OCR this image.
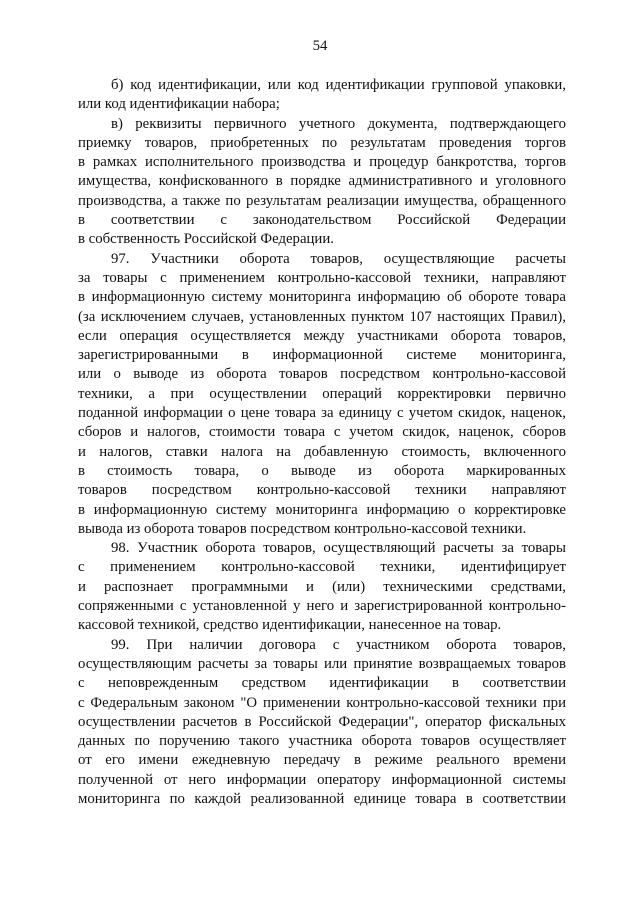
54
б) код идентификации, или код идентификации групповой упаковки,
или код идентификации набора;
в) реквизиты первичного учетного документа, подтверждающего
приемку товаров, приобретенных по результатам проведения торгов
в рамках исполнительного производства и процедур банкротства, торгов
имущества, конфискованного в порядке административного и уголовного
производства, а также по результатам реализации имущества, обращенного
в соответствии с законодательством Российской Федерации
в собственность Российской Федерации.
97. Участники оборота товаров, осуществляющие расчеты
за товары с применением контрольно-кассовой техники, направляют
в информационную систему мониторинга информацию об обороте товара
(за исключением случаев, установленных пунктом 107 настоящих Правил),
если операция осуществляется между участниками оборота товаров,
зарегистрированными в информационной системе мониторинга,
или о выводе из оборота товаров посредством контрольно-кассовой
техники, а при осуществлении операций корректировки первично
поданной информации о цене товара за единицу с учетом скидок, наценок,
сборов и налогов, стоимости товара с учетом скидок, наценок, сборов
и налогов, ставки налога на добавленную стоимость, включенного
в стоимость товара, о выводе из оборота маркированных
товаров посредством контрольно-кассовой техники направляют
в информационную систему мониторинга информацию о корректировке
вывода из оборота товаров посредством контрольно-кассовой техники.
98. Участник оборота товаров, осуществляющий расчеты за товары
с применением контрольно-кассовой техники, идентифицирует
и распознает программными и (или) техническими средствами,
сопряженными с установленной у него и зарегистрированной контрольно-
кассовой техникой, средство идентификации, нанесенное на товар.
99. При наличии договора с участником оборота товаров,
осуществляющим расчеты за товары или принятие возвращаемых товаров
с неповрежденным средством идентификации в соответствии
с Федеральным законом "О применении контрольно-кассовой техники при
осуществлении расчетов в Российской Федерации", оператор фискальных
данных по поручению такого участника оборота товаров осуществляет
от его имени ежедневную передачу в режиме реального времени
полученной от него информации оператору информационной системы
мониторинга по каждой реализованной единице товара в соответствии
